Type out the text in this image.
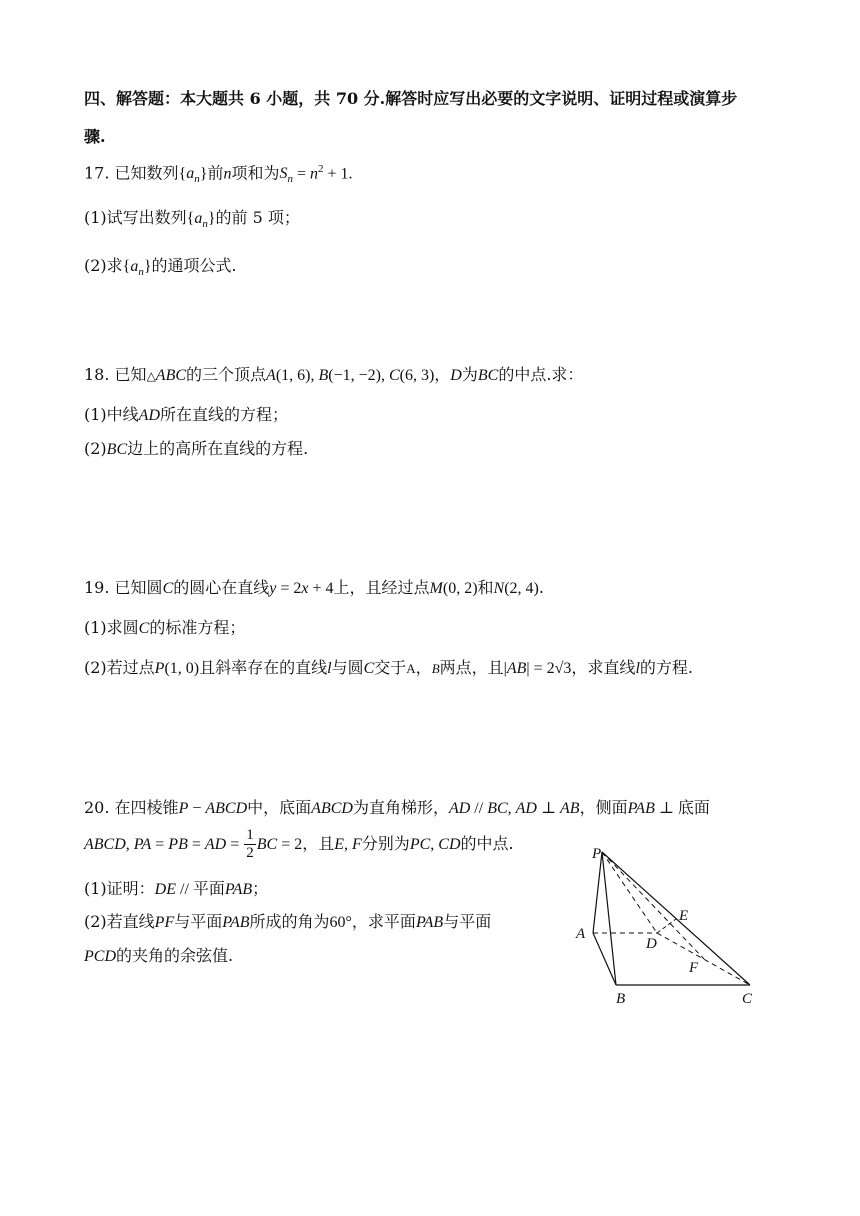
四、解答题：本大题共 6 小题，共 70 分.解答时应写出必要的文字说明、证明过程或演算步
骤.
17. 已知数列$\{a_n\}$前n项和为$S_n = n^2 + 1$.
(1)试写出数列$\{a_n\}$的前 5 项；
(2)求$\{a_n\}$的通项公式.
18. 已知△ABC的三个顶点A(1, 6), B(−1, −2), C(6, 3)，D为BC的中点.求：
(1)中线AD所在直线的方程；
(2)BC边上的高所在直线的方程.
19. 已知圆C的圆心在直线y = 2x + 4上，且经过点M(0, 2)和N(2, 4).
(1)求圆C的标准方程；
(2)若过点P(1, 0)且斜率存在的直线l与圆C交于A，B两点，且|AB| = 2√3，求直线l的方程.
20. 在四棱锥P − ABCD中，底面ABCD为直角梯形，AD // BC, AD ⊥ AB，侧面PAB ⊥ 底面
ABCD, PA = PB = AD = $\frac{1}{2}$ BC = 2，且E, F分别为PC, CD的中点.
(1)证明：DE // 平面PAB；
(2)若直线PF与平面PAB所成的角为60°，求平面PAB与平面
PCD的夹角的余弦值.
P
A
B	C
D
E
F
